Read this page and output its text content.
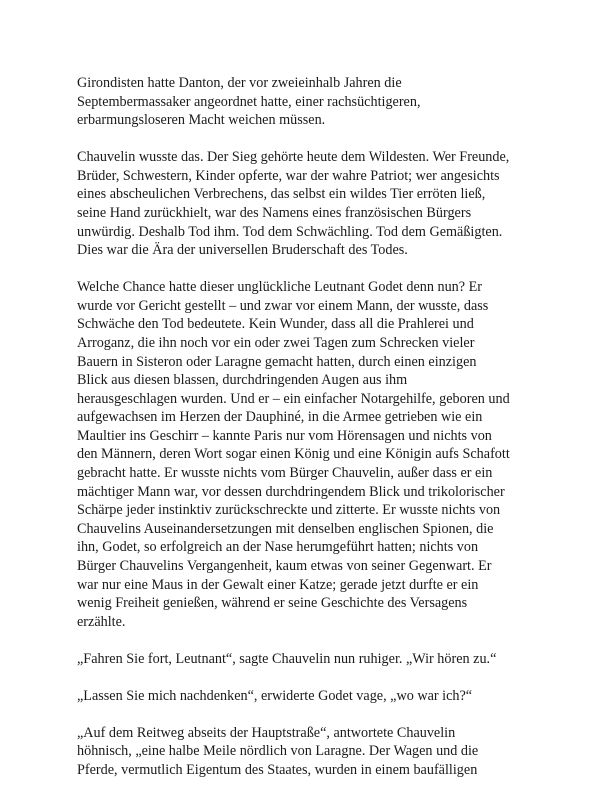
Girondisten hatte Danton, der vor zweieinhalb Jahren die
Septembermassaker angeordnet hatte, einer rachsüchtigeren,
erbarmungsloseren Macht weichen müssen.

Chauvelin wusste das. Der Sieg gehörte heute dem Wildesten. Wer Freunde,
Brüder, Schwestern, Kinder opferte, war der wahre Patriot; wer angesichts
eines abscheulichen Verbrechens, das selbst ein wildes Tier erröten ließ,
seine Hand zurückhielt, war des Namens eines französischen Bürgers
unwürdig. Deshalb Tod ihm. Tod dem Schwächling. Tod dem Gemäßigten.
Dies war die Ära der universellen Bruderschaft des Todes.

Welche Chance hatte dieser unglückliche Leutnant Godet denn nun? Er
wurde vor Gericht gestellt – und zwar vor einem Mann, der wusste, dass
Schwäche den Tod bedeutete. Kein Wunder, dass all die Prahlerei und
Arroganz, die ihn noch vor ein oder zwei Tagen zum Schrecken vieler
Bauern in Sisteron oder Laragne gemacht hatten, durch einen einzigen
Blick aus diesen blassen, durchdringenden Augen aus ihm
herausgeschlagen wurden. Und er – ein einfacher Notargehilfe, geboren und
aufgewachsen im Herzen der Dauphiné, in die Armee getrieben wie ein
Maultier ins Geschirr – kannte Paris nur vom Hörensagen und nichts von
den Männern, deren Wort sogar einen König und eine Königin aufs Schafott
gebracht hatte. Er wusste nichts vom Bürger Chauvelin, außer dass er ein
mächtiger Mann war, vor dessen durchdringendem Blick und trikolorischer
Schärpe jeder instinktiv zurückschreckte und zitterte. Er wusste nichts von
Chauvelins Auseinandersetzungen mit denselben englischen Spionen, die
ihn, Godet, so erfolgreich an der Nase herumgeführt hatten; nichts von
Bürger Chauvelins Vergangenheit, kaum etwas von seiner Gegenwart. Er
war nur eine Maus in der Gewalt einer Katze; gerade jetzt durfte er ein
wenig Freiheit genießen, während er seine Geschichte des Versagens
erzählte.

„Fahren Sie fort, Leutnant“, sagte Chauvelin nun ruhiger. „Wir hören zu.“

„Lassen Sie mich nachdenken“, erwiderte Godet vage, „wo war ich?“

„Auf dem Reitweg abseits der Hauptstraße“, antwortete Chauvelin
höhnisch, „eine halbe Meile nördlich von Laragne. Der Wagen und die
Pferde, vermutlich Eigentum des Staates, wurden in einem baufälligen
